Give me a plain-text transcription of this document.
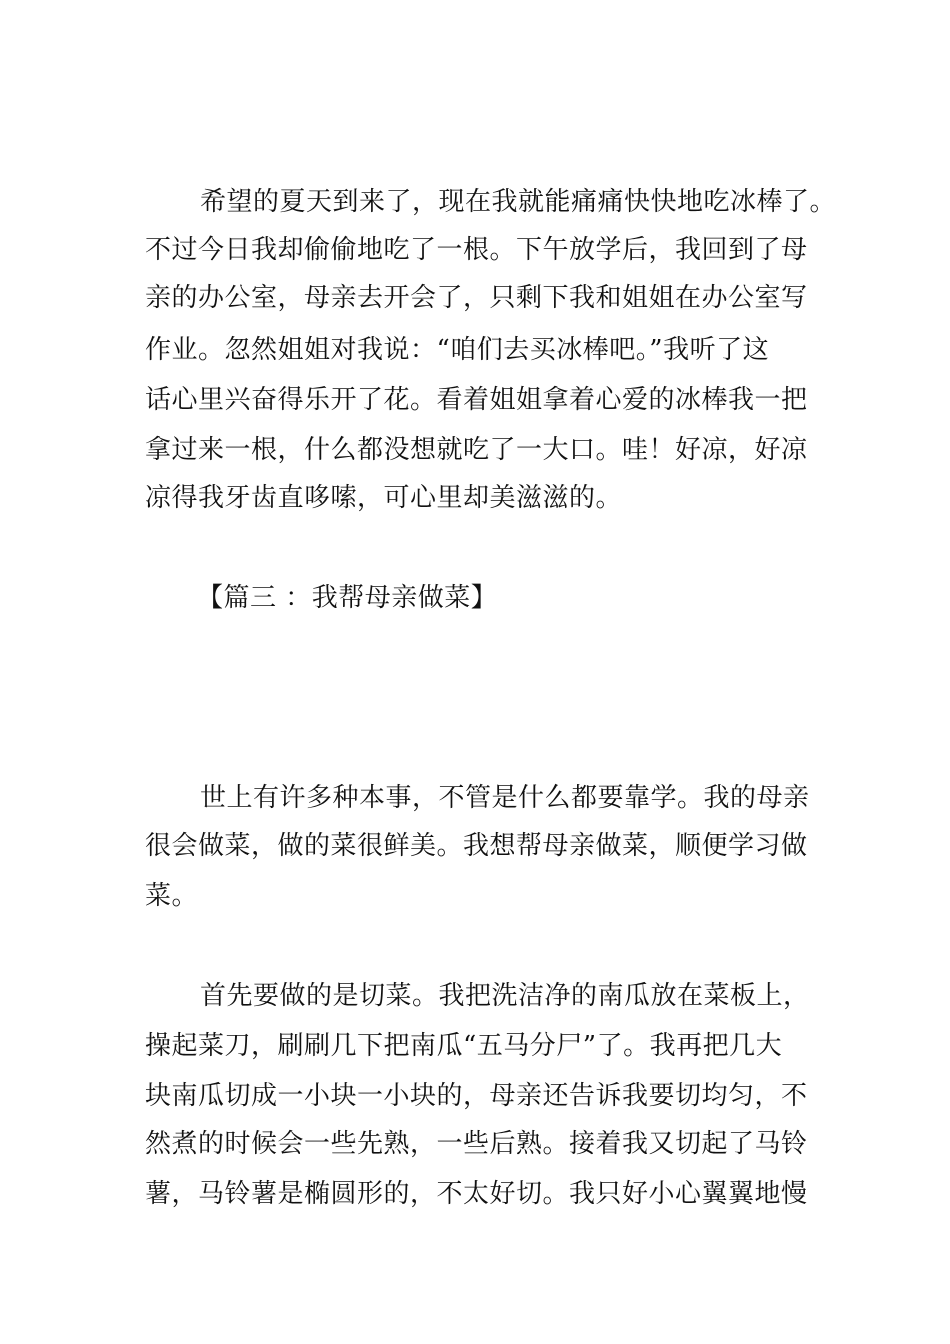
希望的夏天到来了，现在我就能痛痛快快地吃冰棒了。
不过今日我却偷偷地吃了一根。下午放学后，我回到了母
亲的办公室，母亲去开会了，只剩下我和姐姐在办公室写
作业。忽然姐姐对我说：“咱们去买冰棒吧。”我听了这
话心里兴奋得乐开了花。看着姐姐拿着心爱的冰棒我一把
拿过来一根，什么都没想就吃了一大口。哇！好凉，好凉
凉得我牙齿直哆嗦，可心里却美滋滋的。
【篇三 ：我帮母亲做菜】
世上有许多种本事，不管是什么都要靠学。我的母亲
很会做菜，做的菜很鲜美。我想帮母亲做菜，顺便学习做
菜。
首先要做的是切菜。我把洗洁净的南瓜放在菜板上，
操起菜刀，刷刷几下把南瓜“五马分尸”了。我再把几大
块南瓜切成一小块一小块的，母亲还告诉我要切均匀，不
然煮的时候会一些先熟，一些后熟。接着我又切起了马铃
薯，马铃薯是椭圆形的，不太好切。我只好小心翼翼地慢
